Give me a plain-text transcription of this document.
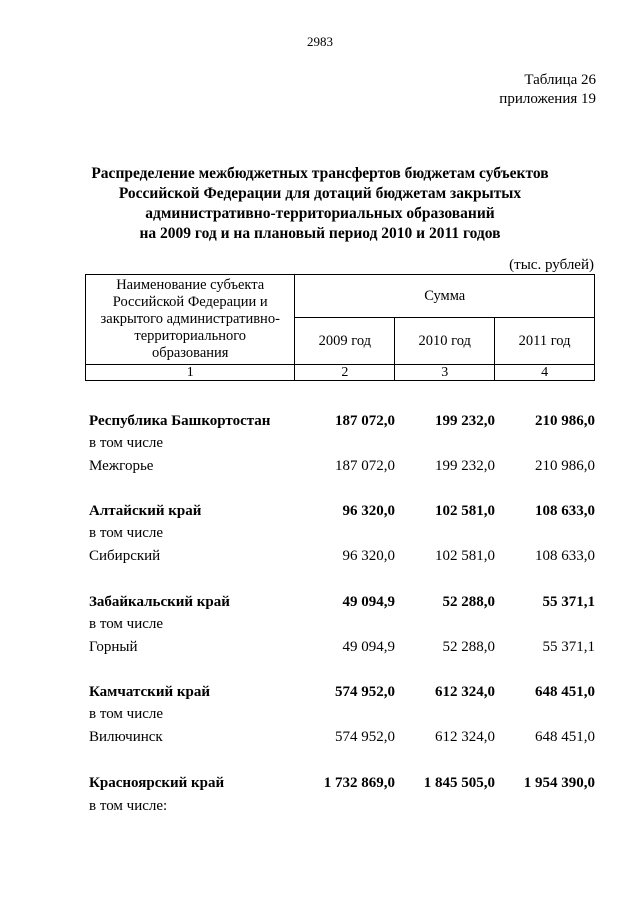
2983
Таблица 26
приложения 19
Распределение межбюджетных трансфертов бюджетам субъектов
Российской Федерации для дотаций бюджетам закрытых
административно-территориальных образований
на 2009 год и на плановый период 2010 и 2011 годов
(тыс. рублей)
Наименование субъекта
Российской Федерации и
закрытого административно-
территориального
образования	Сумма		
	2009 год	2010 год	2011 год
1	2	3	4
Республика Башкортостан	187 072,0	199 232,0	210 986,0
в том числе
Межгорье	187 072,0	199 232,0	210 986,0
Алтайский край	96 320,0	102 581,0	108 633,0
в том числе
Сибирский	96 320,0	102 581,0	108 633,0
Забайкальский край	49 094,9	52 288,0	55 371,1
в том числе
Горный	49 094,9	52 288,0	55 371,1
Камчатский край	574 952,0	612 324,0	648 451,0
в том числе
Вилючинск	574 952,0	612 324,0	648 451,0
Красноярский край	1 732 869,0	1 845 505,0	1 954 390,0
в том числе:
